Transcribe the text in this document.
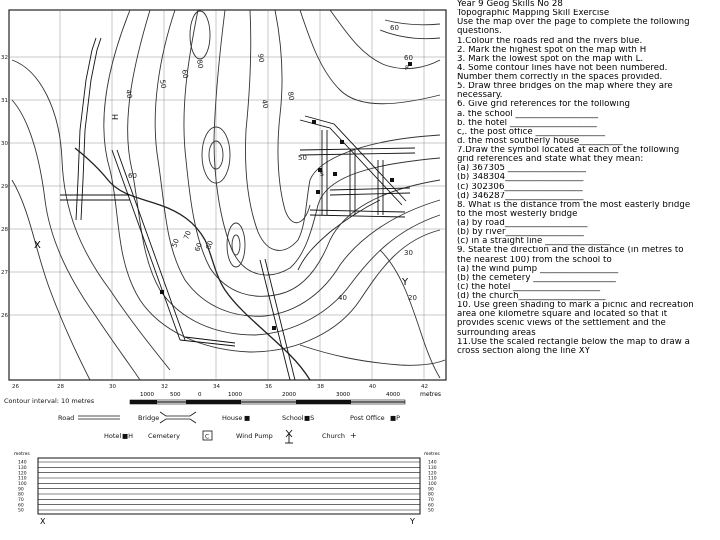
P
S
H
60
50
40
60
80
90
80
40
60
70
50	60
30
40	20
60
60
50
X
Y
32
31
30
29
28
27
26
26	28	30	32	34	36	38	40	42
Contour interval: 10 metres
1000	500	0	1000	2000	3000	4000	metres
Road	Bridge	House ■	School ■S	Post Office ■P
Hotel ■H Cemetery	C	Wind Pump	Church +
metres	metres
140
130
120
110
100
90
80
70
60
50
140
130
120
110
100
90
80
70
60
50
X	Y
Year 9 Geog Skills No 28
Topographic Mapping Skill Exercise
Use the map over the page to complete the following
questions.
1.Colour the roads red and the rivers blue.
2. Mark the highest spot on the map with H
3. Mark the lowest spot on the map with L.
4. Some contour lines have not been numbered.
Number them correctly in the spaces provided.
5. Draw three bridges on the map where they are
necessary.
6. Give grid references for the following
a. the school ___________________
b. the hotel ____________________
c,. the post office ________________
d. the most southerly house__________
7.Draw the symbol located at each of the following
grid references and state what they mean:
(a) 367305 __________________
(b) 348304__________________
(c) 302306__________________
(d) 346287__________________
8. What is the distance from the most easterly bridge
to the most westerly bridge
(a) by road___________________
(b) by river__________________
(c) in a straight line _______________
9. State the direction and the distance (in metres to
the nearest 100) from the school to
(a) the wind pump __________________
(b) the cemetery ___________________
(c) the hotel ____________________
(d) the church____________________
10. Use green shading to mark a picnic and recreation
area one kilometre square and located so that it
provides scenic views of the settlement and the
surrounding areas
11.Use the scaled rectangle below the map to draw a
cross section along the line XY
